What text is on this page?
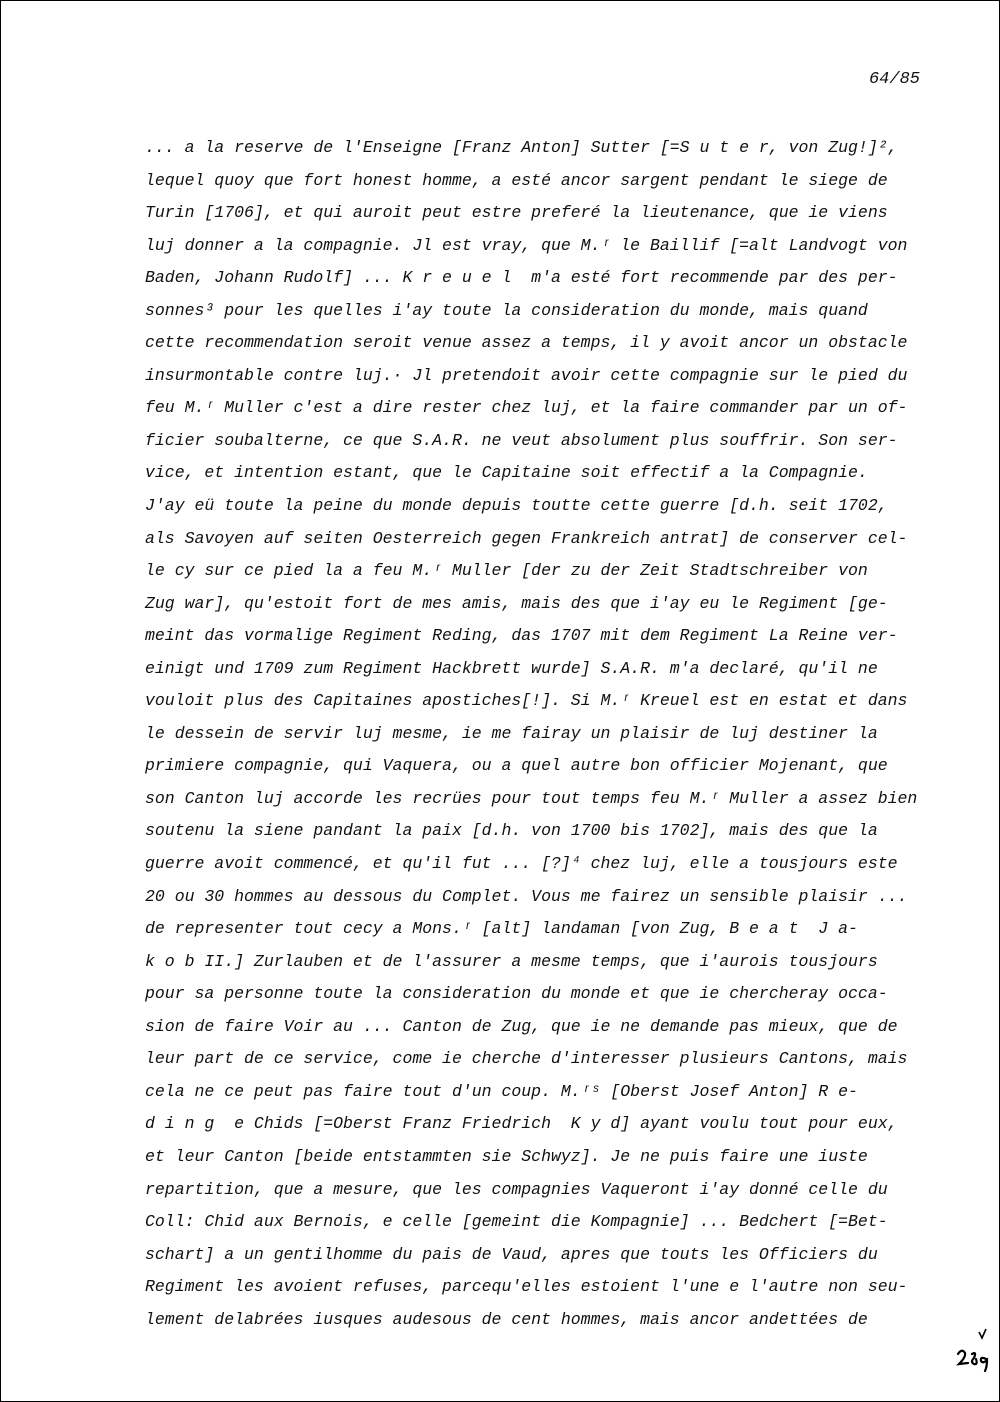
64/85
... a la reserve de l'Enseigne [Franz Anton] Sutter [=S u t e r, von Zug!]²,
lequel quoy que fort honest homme, a esté ancor sargent pendant le siege de
Turin [1706], et qui auroit peut estre preferé la lieutenance, que ie viens
luj donner a la compagnie. Jl est vray, que M.ʳ le Baillif [=alt Landvogt von
Baden, Johann Rudolf] ... K r e u e l  m'a esté fort recommende par des per-
sonnes³ pour les quelles i'ay toute la consideration du monde, mais quand
cette recommendation seroit venue assez a temps, il y avoit ancor un obstacle
insurmontable contre luj.· Jl pretendoit avoir cette compagnie sur le pied du
feu M.ʳ Muller c'est a dire rester chez luj, et la faire commander par un of-
ficier soubalterne, ce que S.A.R. ne veut absolument plus souffrir. Son ser-
vice, et intention estant, que le Capitaine soit effectif a la Compagnie.
J'ay eü toute la peine du monde depuis toutte cette guerre [d.h. seit 1702,
als Savoyen auf seiten Oesterreich gegen Frankreich antrat] de conserver cel-
le cy sur ce pied la a feu M.ʳ Muller [der zu der Zeit Stadtschreiber von
Zug war], qu'estoit fort de mes amis, mais des que i'ay eu le Regiment [ge-
meint das vormalige Regiment Reding, das 1707 mit dem Regiment La Reine ver-
einigt und 1709 zum Regiment Hackbrett wurde] S.A.R. m'a declaré, qu'il ne
vouloit plus des Capitaines apostiches[!]. Si M.ʳ Kreuel est en estat et dans
le dessein de servir luj mesme, ie me fairay un plaisir de luj destiner la
primiere compagnie, qui Vaquera, ou a quel autre bon officier Mojenant, que
son Canton luj accorde les recrües pour tout temps feu M.ʳ Muller a assez bien
soutenu la siene pandant la paix [d.h. von 1700 bis 1702], mais des que la
guerre avoit commencé, et qu'il fut ... [?]⁴ chez luj, elle a tousjours este
20 ou 30 hommes au dessous du Complet. Vous me fairez un sensible plaisir ...
de representer tout cecy a Mons.ʳ [alt] landaman [von Zug, B e a t  J a-
k o b II.] Zurlauben et de l'assurer a mesme temps, que i'aurois tousjours
pour sa personne toute la consideration du monde et que ie chercheray occa-
sion de faire Voir au ... Canton de Zug, que ie ne demande pas mieux, que de
leur part de ce service, come ie cherche d'interesser plusieurs Cantons, mais
cela ne ce peut pas faire tout d'un coup. M.ʳˢ [Oberst Josef Anton] R e-
d i n g  e Chids [=Oberst Franz Friedrich  K y d] ayant voulu tout pour eux,
et leur Canton [beide entstammten sie Schwyz]. Je ne puis faire une iuste
repartition, que a mesure, que les compagnies Vaqueront i'ay donné celle du
Coll: Chid aux Bernois, e celle [gemeint die Kompagnie] ... Bedchert [=Bet-
schart] a un gentilhomme du pais de Vaud, apres que touts les Officiers du
Regiment les avoient refuses, parcequ'elles estoient l'une e l'autre non seu-
lement delabrées iusques audesous de cent hommes, mais ancor andettées de
